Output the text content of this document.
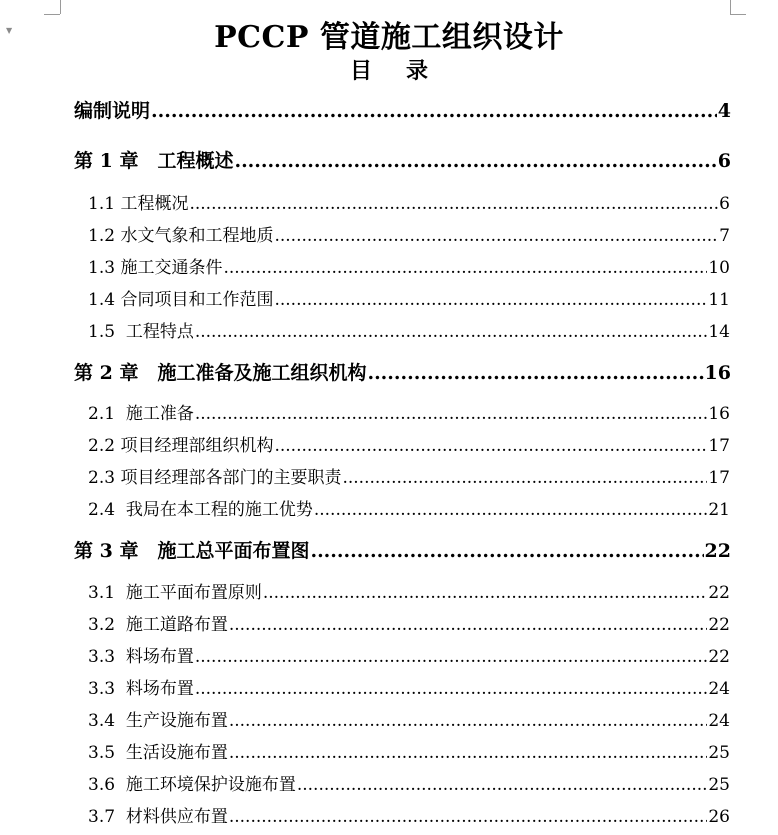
▼	PCCP 管道施工组织设计
目录
编制说明 .....	4
第 1 章　工程概述 .....	6
1.1 工程概况 .....	6
1.2 水文气象和工程地质 .....	7
1.3 施工交通条件 .....	10
1.4 合同项目和工作范围 .....	11
1.5  工程特点 .....	14
第 2 章　施工准备及施工组织机构 .....	16
2.1  施工准备 .....	16
2.2 项目经理部组织机构 .....	17
2.3 项目经理部各部门的主要职责 .....	17
2.4  我局在本工程的施工优势 .....	21
第 3 章　施工总平面布置图 .....	22
3.1  施工平面布置原则 .....	22
3.2  施工道路布置 .....	22
3.3  料场布置 .....	22
3.3  料场布置 .....	24
3.4  生产设施布置 .....	24
3.5  生活设施布置 .....	25
3.6  施工环境保护设施布置 .....	25
3.7  材料供应布置 .....	26
